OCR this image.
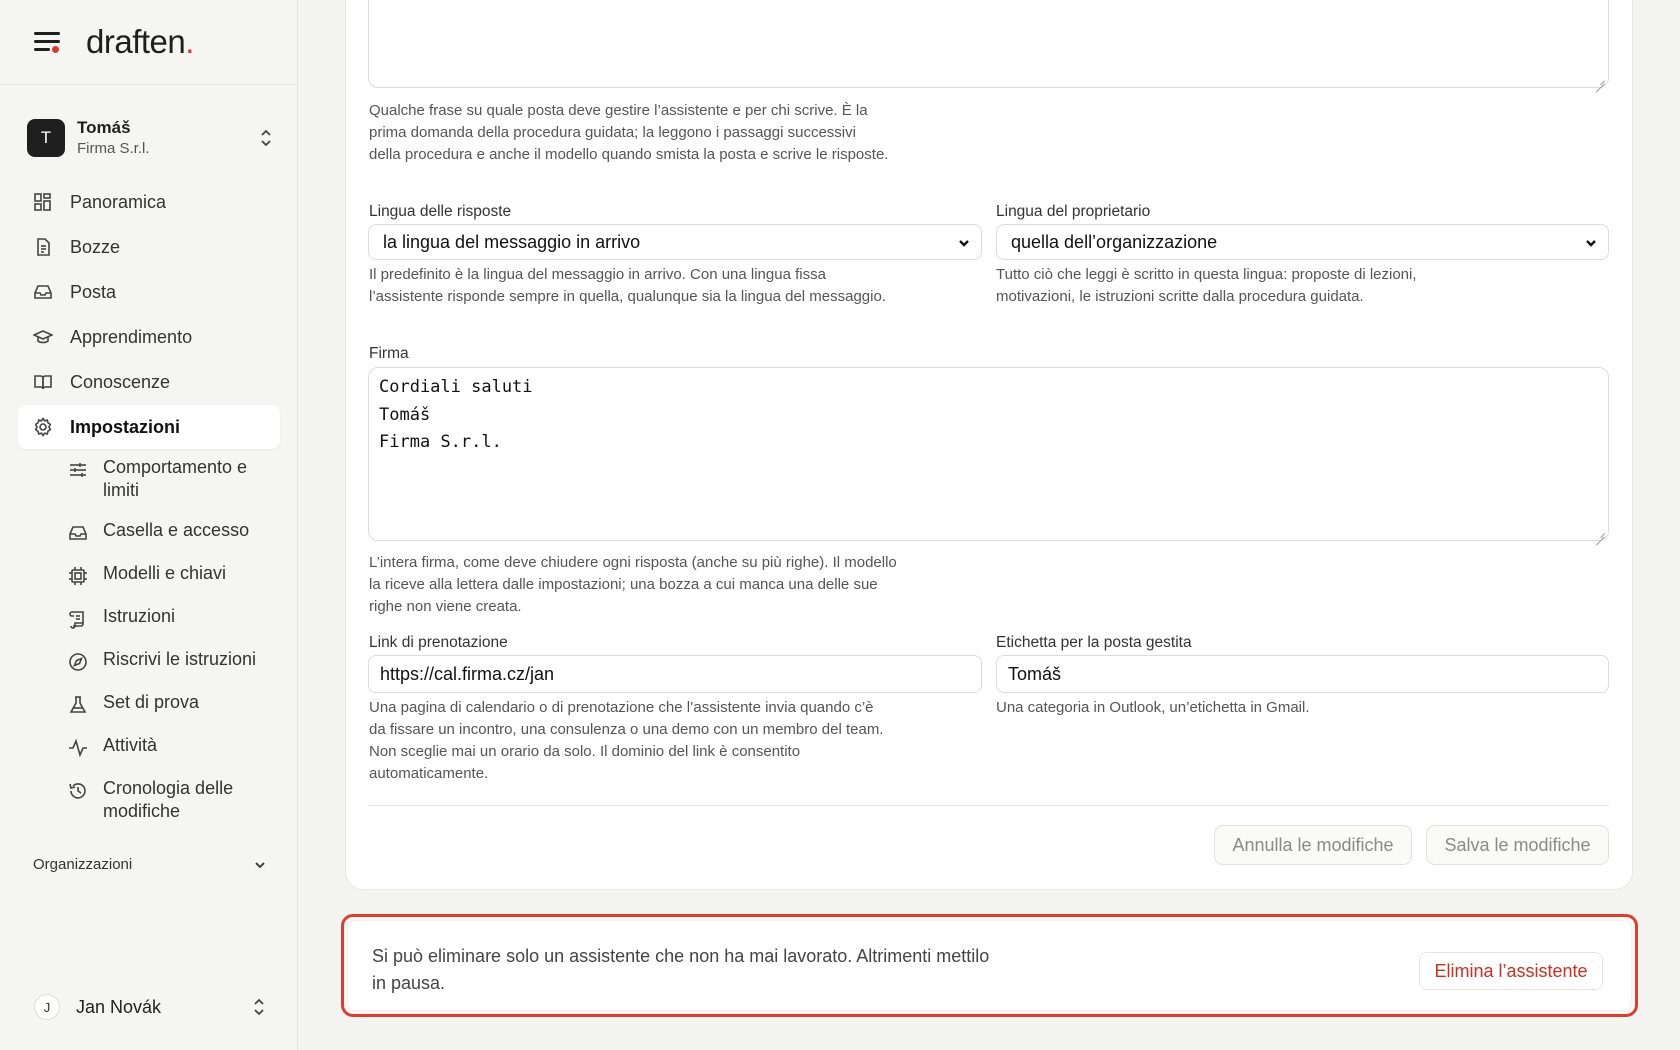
draften.
T
Tomáš
Firma S.r.l.
Panoramica
Bozze
Posta
Apprendimento
Conoscenze
Impostazioni
Comportamento e limiti
Casella e accesso
Modelli e chiavi
Istruzioni
Riscrivi le istruzioni
Set di prova
Attività
Cronologia delle modifiche
Organizzazioni
J	Jan Novák
Qualche frase su quale posta deve gestire l’assistente e per chi scrive. È la prima domanda della procedura guidata; la leggono i passaggi successivi della procedura e anche il modello quando smista la posta e scrive le risposte.
Lingua delle risposte
la lingua del messaggio in arrivo
Il predefinito è la lingua del messaggio in arrivo. Con una lingua fissa l’assistente risponde sempre in quella, qualunque sia la lingua del messaggio.
Lingua del proprietario
quella dell’organizzazione
Tutto ciò che leggi è scritto in questa lingua: proposte di lezioni, motivazioni, le istruzioni scritte dalla procedura guidata.
Firma
Cordiali saluti
Tomáš
Firma S.r.l.
L’intera firma, come deve chiudere ogni risposta (anche su più righe). Il modello la riceve alla lettera dalle impostazioni; una bozza a cui manca una delle sue righe non viene creata.
Link di prenotazione
https://cal.firma.cz/jan
Una pagina di calendario o di prenotazione che l’assistente invia quando c’è da fissare un incontro, una consulenza o una demo con un membro del team. Non sceglie mai un orario da solo. Il dominio del link è consentito automaticamente.
Etichetta per la posta gestita
Tomáš
Una categoria in Outlook, un’etichetta in Gmail.
Annulla le modifiche	Salva le modifiche
Si può eliminare solo un assistente che non ha mai lavorato. Altrimenti mettilo in pausa.
Elimina l’assistente
